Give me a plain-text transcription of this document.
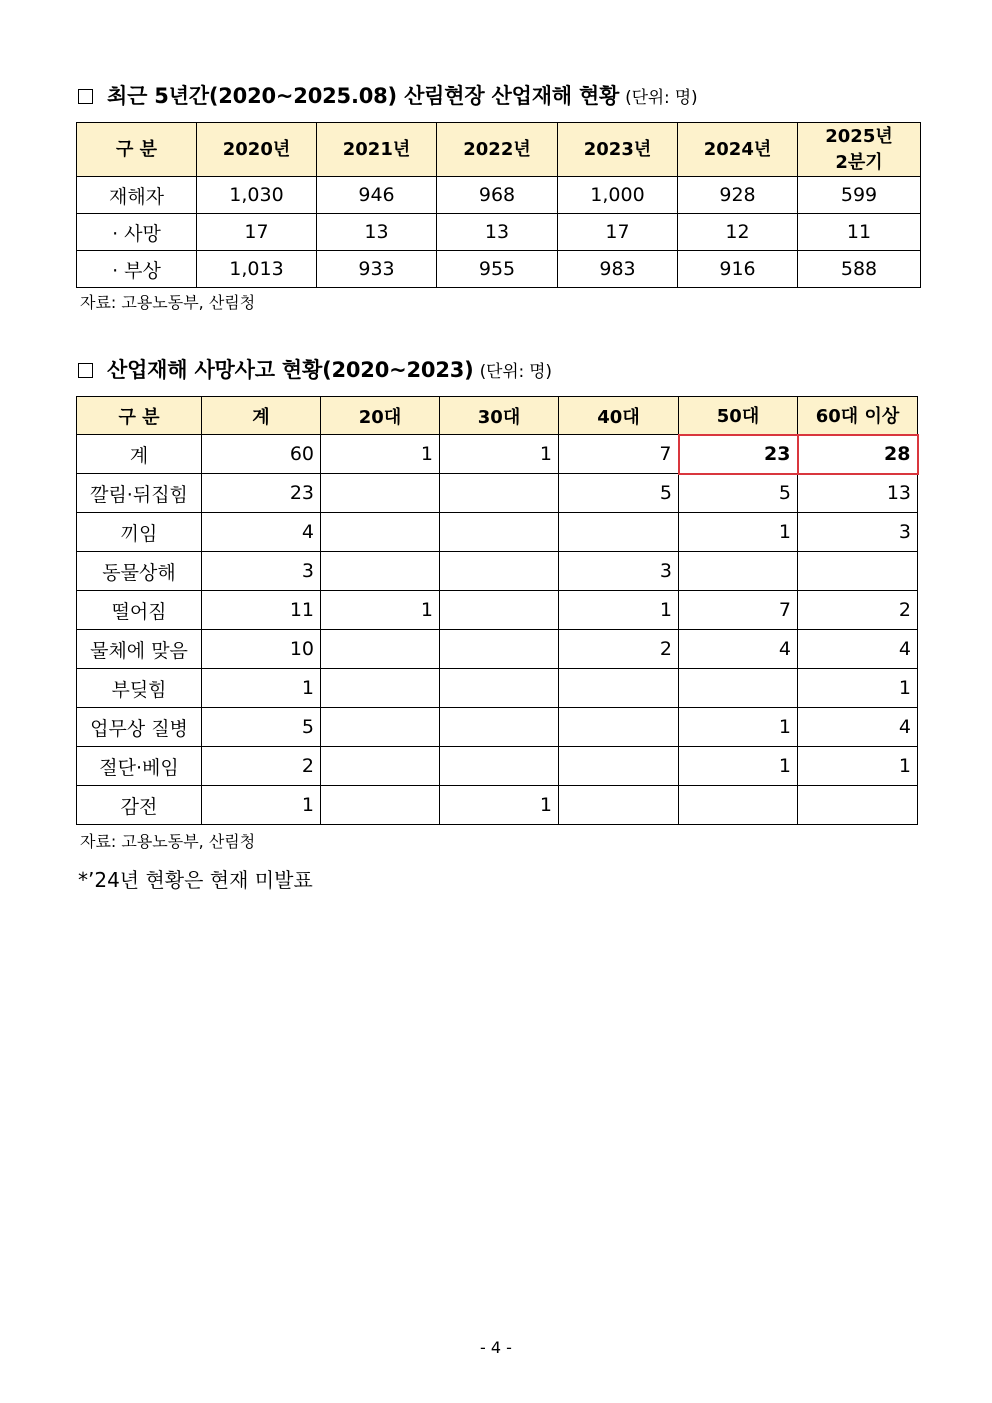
최근 5년간(2020~2025.08) 산림현장 산업재해 현황 (단위: 명)
구 분	2020년	2021년	2022년	2023년	2024년	2025년
2분기
재해자	1,030	946	968	1,000	928	599
· 사망	17	13	13	17	12	11
· 부상	1,013	933	955	983	916	588
자료: 고용노동부, 산림청
산업재해 사망사고 현황(2020~2023) (단위: 명)
구 분	계	20대	30대	40대	50대	60대 이상
계	60	1	1	7	23	28
깔림·뒤집힘	23			5	5	13
끼임	4				1	3
동물상해	3			3		
떨어짐	11	1		1	7	2
물체에 맞음	10			2	4	4
부딪힘	1					1
업무상 질병	5				1	4
절단·베임	2				1	1
감전	1		1			
자료: 고용노동부, 산림청
*’24년 현황은 현재 미발표
- 4 -
